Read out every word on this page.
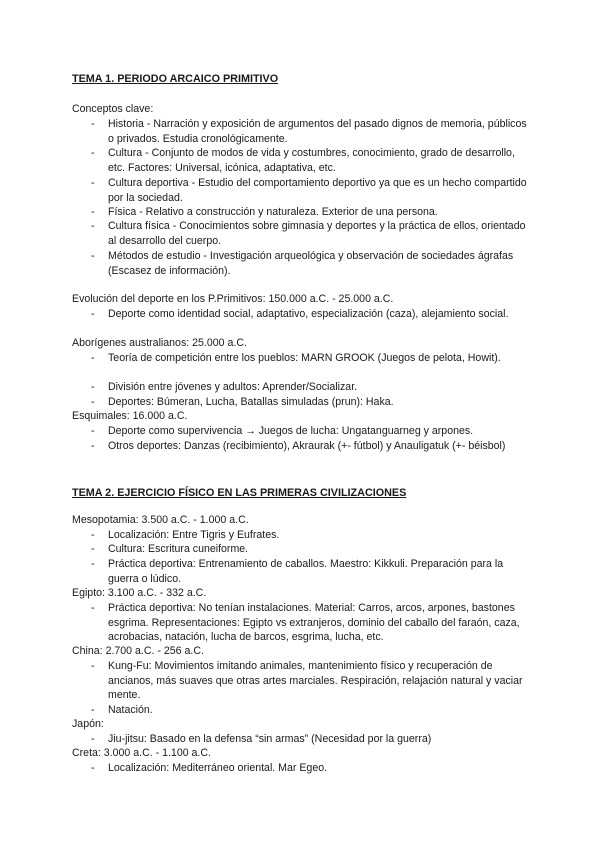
TEMA 1. PERIODO ARCAICO PRIMITIVO
Conceptos clave:
- Historia - Narración y exposición de argumentos del pasado dignos de memoria, públicos o privados. Estudia cronológicamente.
- Cultura - Conjunto de modos de vida y costumbres, conocimiento, grado de desarrollo, etc. Factores: Universal, icónica, adaptativa, etc.
- Cultura deportiva - Estudio del comportamiento deportivo ya que es un hecho compartido por la sociedad.
- Física - Relativo a construcción y naturaleza. Exterior de una persona.
- Cultura física - Conocimientos sobre gimnasia y deportes y la práctica de ellos, orientado al desarrollo del cuerpo.
- Métodos de estudio - Investigación arqueológica y observación de sociedades ágrafas (Escasez de información).
Evolución del deporte en los P.Primitivos: 150.000 a.C. - 25.000 a.C.
- Deporte como identidad social, adaptativo, especialización (caza), alejamiento social.
Aborígenes australianos: 25.000 a.C.
- Teoría de competición entre los pueblos: MARN GROOK (Juegos de pelota, Howit).
- División entre jóvenes y adultos: Aprender/Socializar.
- Deportes: Búmeran, Lucha, Batallas simuladas (prun): Haka.
Esquimales: 16.000 a.C.
- Deporte como supervivencia → Juegos de lucha: Ungatanguarneg y arpones.
- Otros deportes: Danzas (recibimiento), Akraurak (+- fútbol) y Anauligatuk (+- béisbol)
TEMA 2. EJERCICIO FÍSICO EN LAS PRIMERAS CIVILIZACIONES
Mesopotamia: 3.500 a.C. - 1.000 a.C.
- Localización: Entre Tigris y Eufrates.
- Cultura: Escritura cuneiforme.
- Práctica deportiva: Entrenamiento de caballos. Maestro: Kikkuli. Preparación para la guerra o lúdico.
Egipto: 3.100 a.C. - 332 a.C.
- Práctica deportiva: No tenían instalaciones. Material: Carros, arcos, arpones, bastones esgrima. Representaciones: Egipto vs extranjeros, dominio del caballo del faraón, caza, acrobacias, natación, lucha de barcos, esgrima, lucha, etc.
China: 2.700 a.C. - 256 a.C.
- Kung-Fu: Movimientos imitando animales, mantenimiento físico y recuperación de ancianos, más suaves que otras artes marciales. Respiración, relajación natural y vaciar mente.
- Natación.
Japón:
- Jiu-jitsu: Basado en la defensa “sin armas” (Necesidad por la guerra)
Creta: 3.000 a.C. - 1.100 a.C.
- Localización: Mediterráneo oriental. Mar Egeo.
